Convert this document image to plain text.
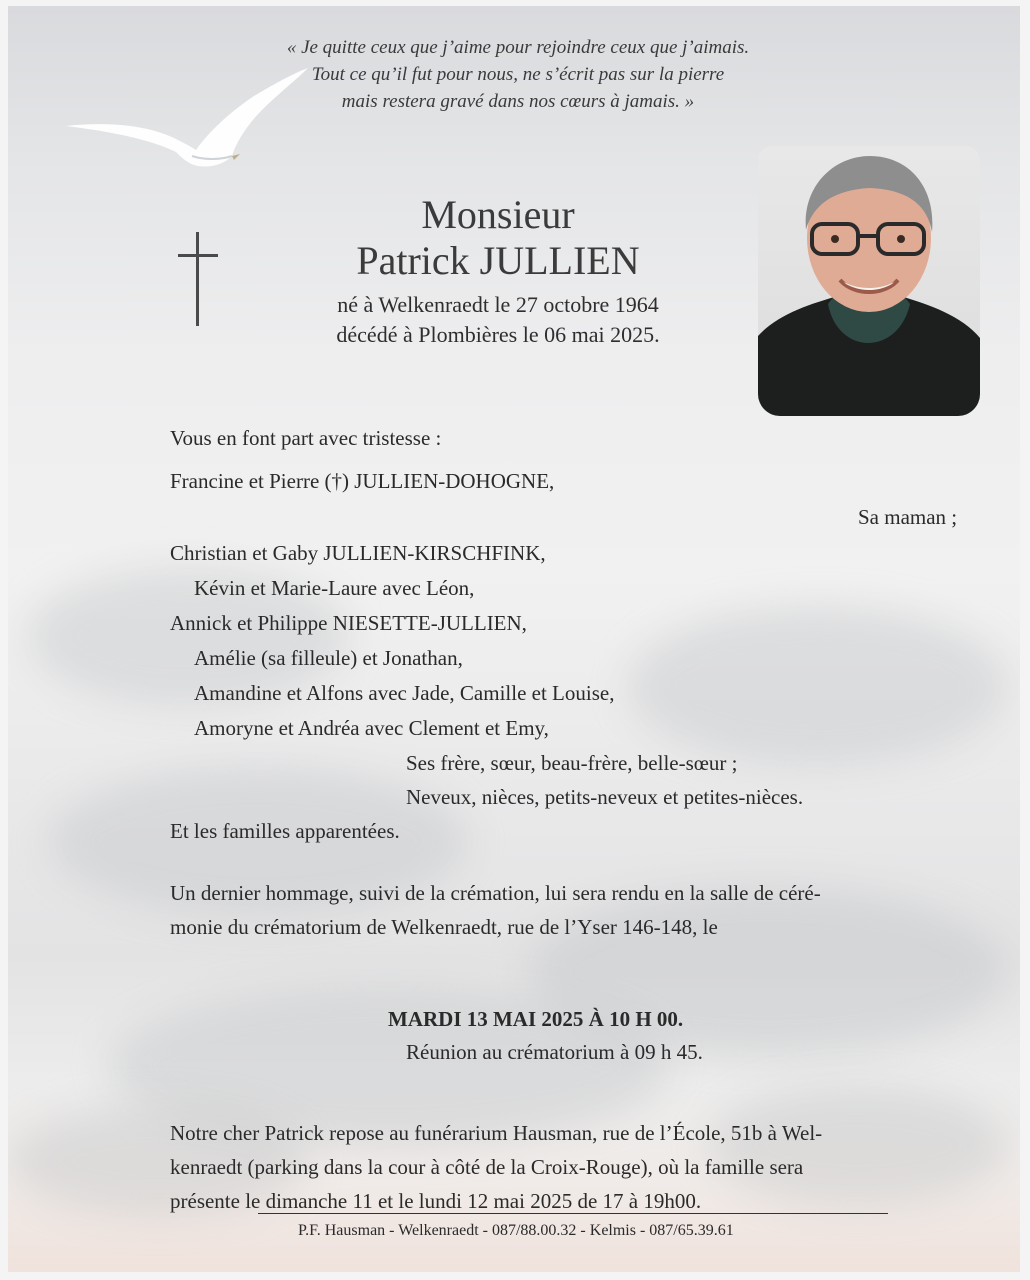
« Je quitte ceux que j’aime pour rejoindre ceux que j’aimais.
Tout ce qu’il fut pour nous, ne s’écrit pas sur la pierre
mais restera gravé dans nos cœurs à jamais. »
Monsieur
Patrick JULLIEN
né à Welkenraedt le 27 octobre 1964
décédé à Plombières le 06 mai 2025.
Vous en font part avec tristesse :
Francine et Pierre (†) JULLIEN-DOHOGNE,
Sa maman ;
Christian et Gaby JULLIEN-KIRSCHFINK,
Kévin et Marie-Laure avec Léon,
Annick et Philippe NIESETTE-JULLIEN,
Amélie (sa filleule) et Jonathan,
Amandine et Alfons avec Jade, Camille et Louise,
Amoryne et Andréa avec Clement et Emy,
Ses frère, sœur, beau-frère, belle-sœur ;
Neveux, nièces, petits-neveux et petites-nièces.
Et les familles apparentées.
Un dernier hommage, suivi de la crémation, lui sera rendu en la salle de céré-
monie du crématorium de Welkenraedt, rue de l’Yser 146-148, le
MARDI 13 MAI 2025 À 10 H 00.
Réunion au crématorium à 09 h 45.
Notre cher Patrick repose au funérarium Hausman, rue de l’École, 51b à Wel-
kenraedt (parking dans la cour à côté de la Croix-Rouge), où la famille sera
présente le dimanche 11 et le lundi 12 mai 2025 de 17 à 19h00.
P.F. Hausman - Welkenraedt - 087/88.00.32 - Kelmis - 087/65.39.61
